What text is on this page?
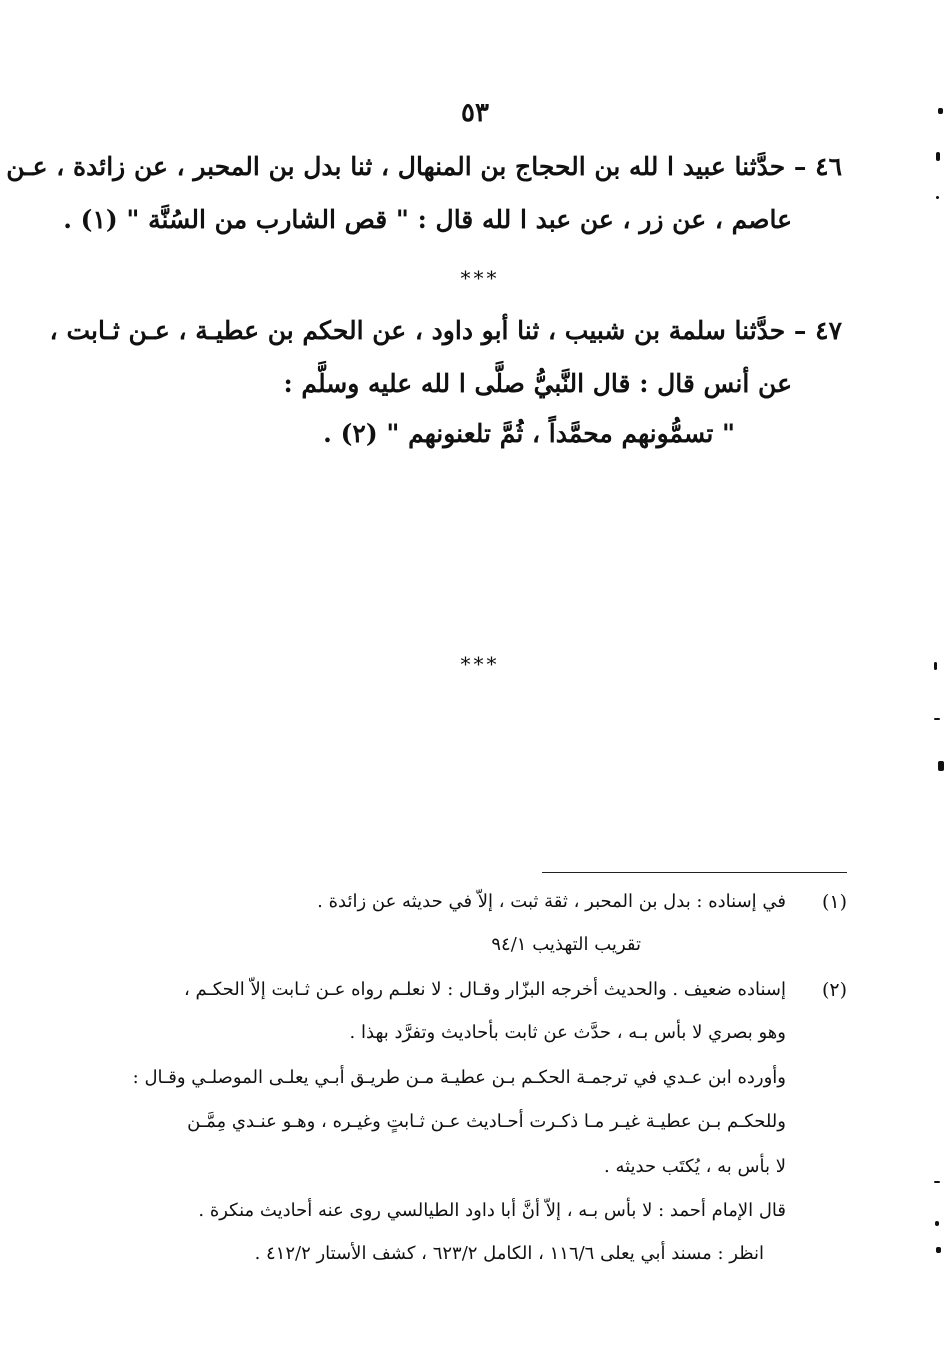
٥٣
٤٦ – حدَّثنا عبيد ا لله بن الحجاج بن المنهال ، ثنا بدل بن المحبر ، عن زائدة ، عـن
عاصم ، عن زر ، عن عبد ا لله قال : " قص الشارب من السُنَّة " (١) .
***
٤٧ – حدَّثنا سلمة بن شبيب ، ثنا أبو داود ، عن الحكم بن عطيـة ، عـن ثـابت ،
عن أنس قال : قال النَّبيُّ صلَّى ا لله عليه وسلَّم :
" تسمُّونهم محمَّداً ، ثُمَّ تلعنونهم " (٢) .
***
(١)
في إسناده : بدل بن المحبر ، ثقة ثبت ، إلاّ في حديثه عن زائدة .
تقريب التهذيب ٩٤/١
(٢)
إسناده ضعيف . والحديث أخرجه البزّار وقـال : لا نعلـم رواه عـن ثـابت إلاّ الحكـم ،
وهو بصري لا بأس بـه ، حدَّث عن ثابت بأحاديث وتفرَّد بهذا .
وأورده ابن عـدي في ترجمـة الحكـم بـن عطيـة مـن طريـق أبـي يعلـى الموصلـي وقـال :
وللحكـم بـن عطيـة غيـر مـا ذكـرت أحـاديث عـن ثـابتٍ وغيـره ، وهـو عنـدي مِمَّـن
لا بأس به ، يُكتَب حديثه .
قال الإمام أحمد : لا بأس بـه ، إلاّ أنَّ أبا داود الطيالسي روى عنه أحاديث منكرة .
انظر : مسند أبي يعلى ١١٦/٦ ، الكامل ٦٢٣/٢ ، كشف الأستار ٤١٢/٢ .
